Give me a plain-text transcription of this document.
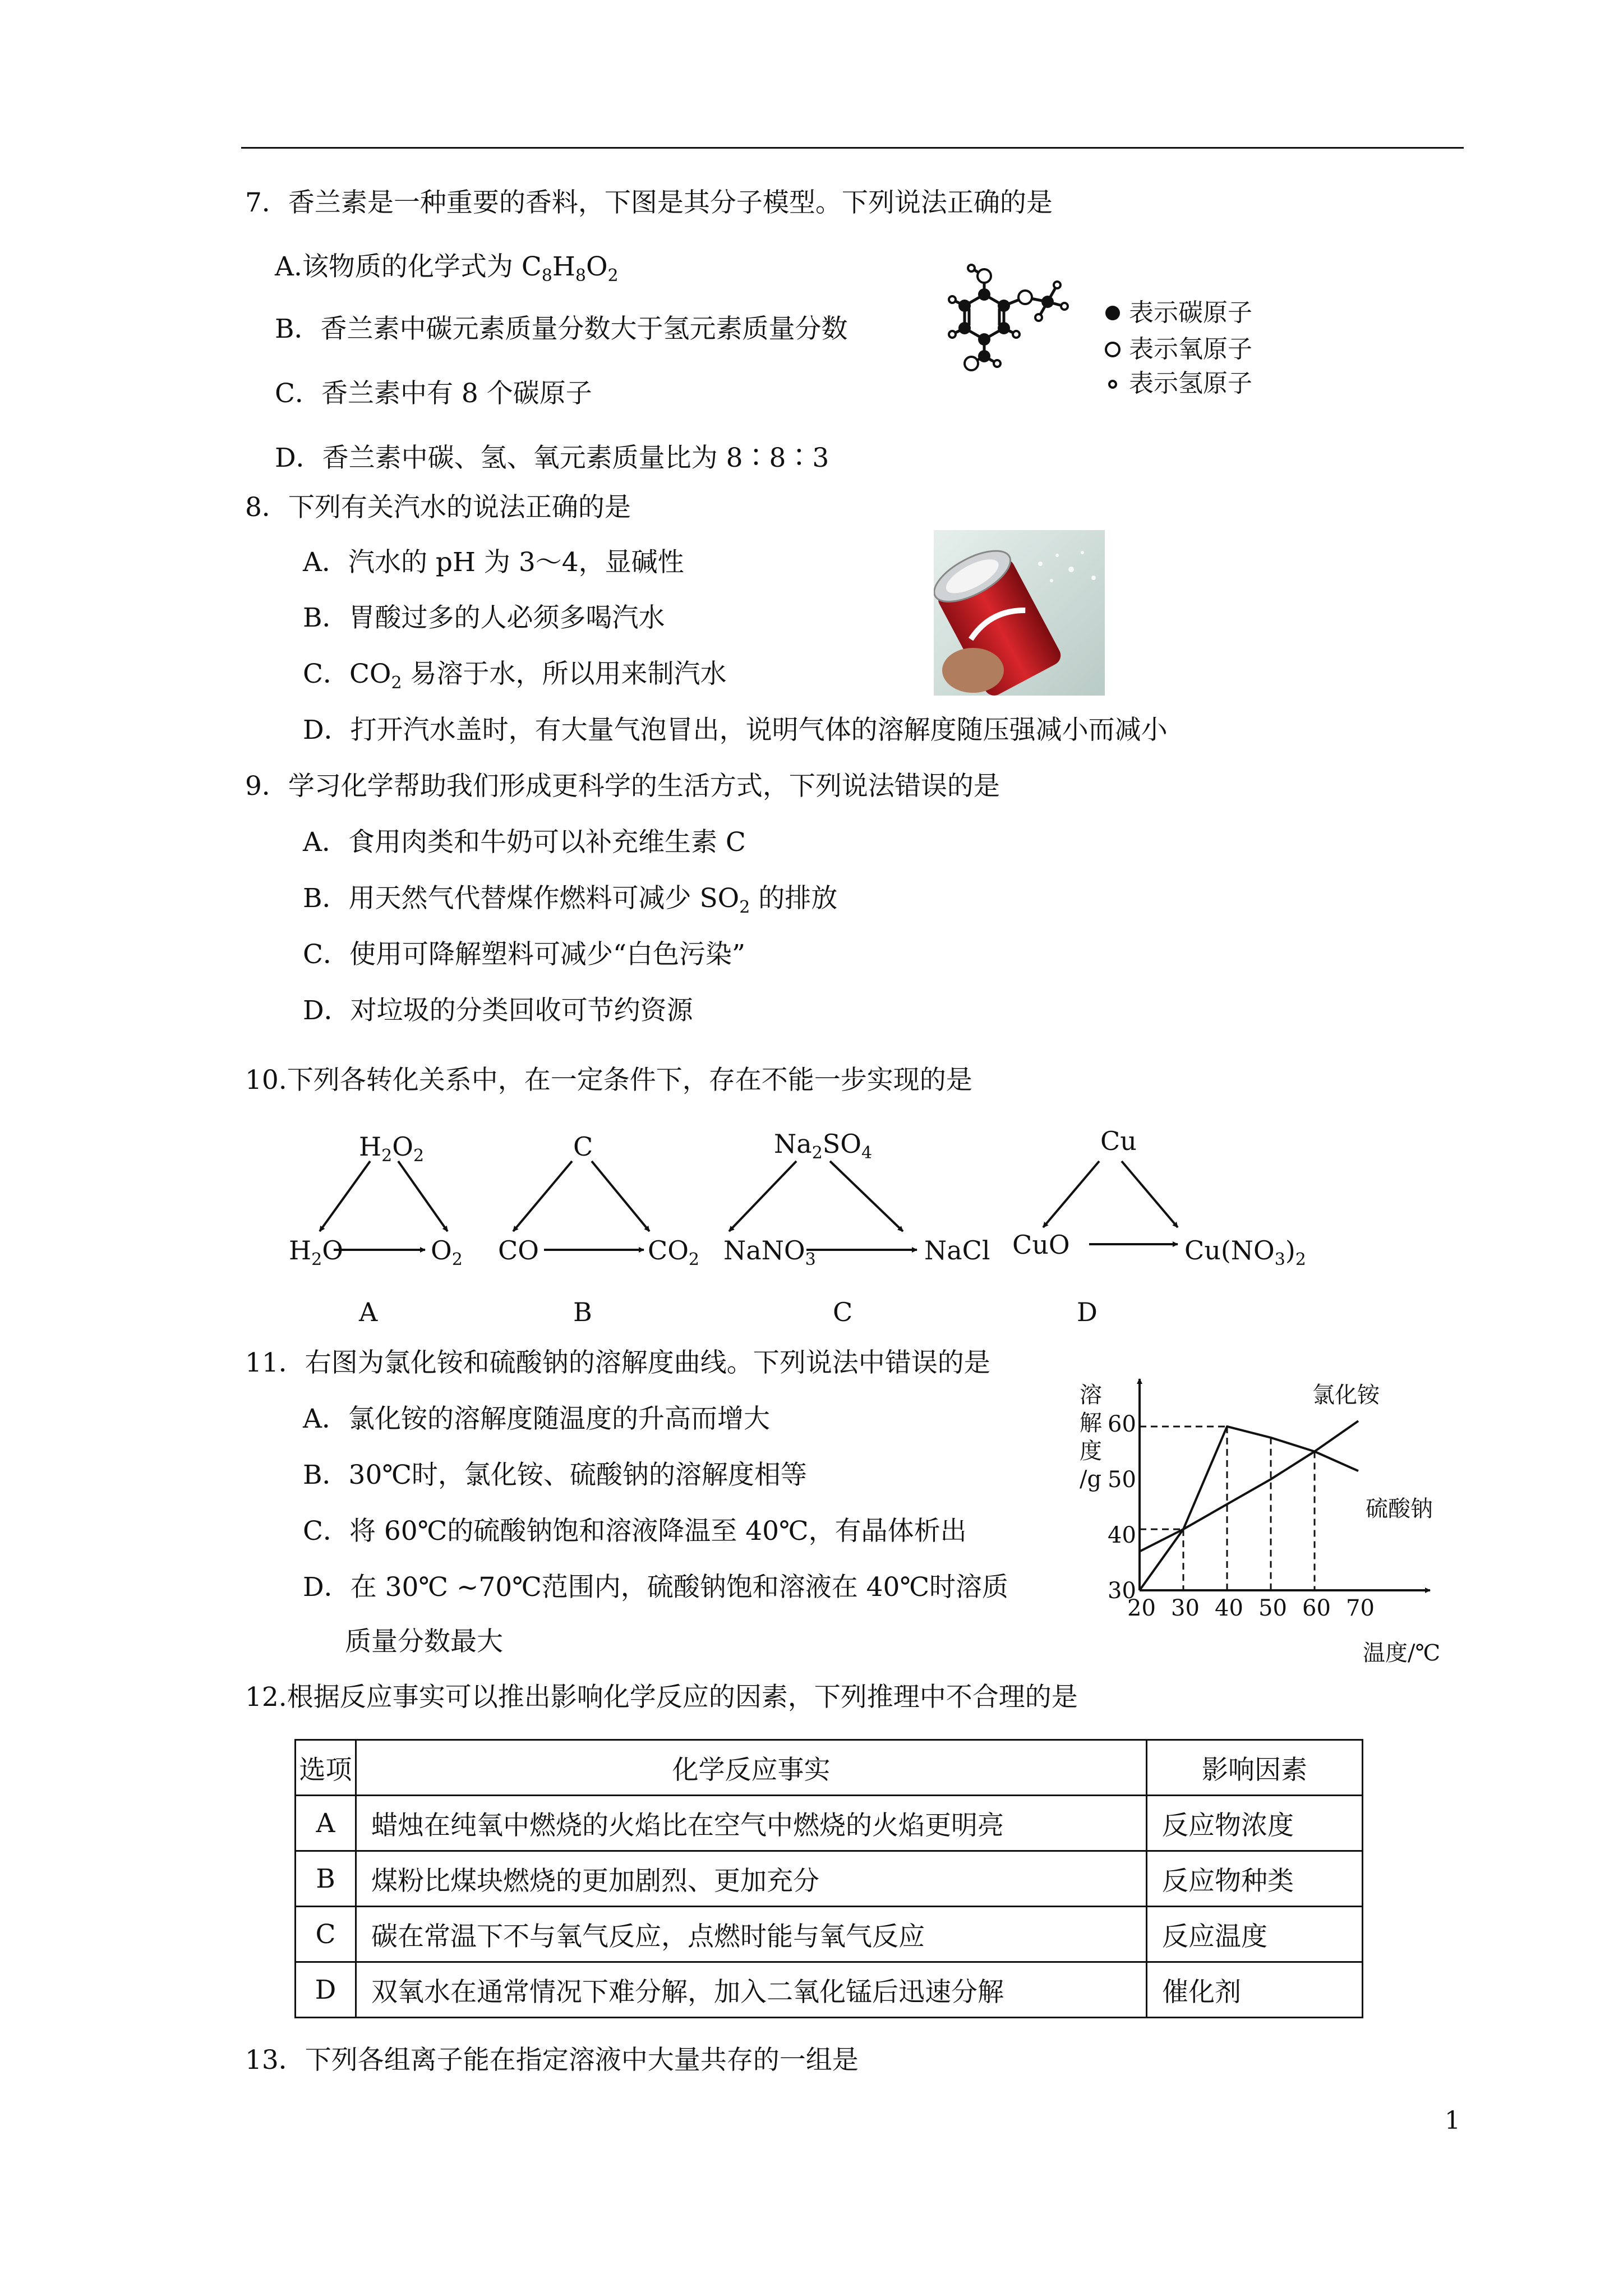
7．香兰素是一种重要的香料，下图是其分子模型。下列说法正确的是
A.该物质的化学式为 $C_8H_8O_2$
B．香兰素中碳元素质量分数大于氢元素质量分数
C．香兰素中有 8 个碳原子
D．香兰素中碳、氢、氧元素质量比为 8∶8∶3
表示碳原子
表示氧原子
表示氢原子
8．下列有关汽水的说法正确的是
A．汽水的 pH 为 3～4，显碱性
B．胃酸过多的人必须多喝汽水
C．$CO_2$ 易溶于水，所以用来制汽水
D．打开汽水盖时，有大量气泡冒出，说明气体的溶解度随压强减小而减小
9．学习化学帮助我们形成更科学的生活方式，下列说法错误的是
A．食用肉类和牛奶可以补充维生素 C
B．用天然气代替煤作燃料可减少 $SO_2$ 的排放
C．使用可降解塑料可减少“白色污染”
D．对垃圾的分类回收可节约资源
10.下列各转化关系中，在一定条件下，存在不能一步实现的是
$H_2O_2$
$H_2O$	$O_2$
A
C
CO	$CO_2$
B
$Na_2SO_4$
NaNO$_3$	NaCl
C
Cu
CuO	$Cu(NO_3)_2$
D
11．右图为氯化铵和硫酸钠的溶解度曲线。下列说法中错误的是
A．氯化铵的溶解度随温度的升高而增大
B．30℃时，氯化铵、硫酸钠的溶解度相等
C．将 60℃的硫酸钠饱和溶液降温至 40℃，有晶体析出
D．在 30℃ ~70℃范围内，硫酸钠饱和溶液在 40℃时溶质
质量分数最大
20 30 40 50 60 70
30
40
50
60
溶
解
度
/g
温度/℃
氯化铵
硫酸钠
12.根据反应事实可以推出影响化学反应的因素，下列推理中不合理的是
选项	化学反应事实	影响因素
A	蜡烛在纯氧中燃烧的火焰比在空气中燃烧的火焰更明亮	反应物浓度
B	煤粉比煤块燃烧的更加剧烈、更加充分	反应物种类
C	碳在常温下不与氧气反应，点燃时能与氧气反应	反应温度
D	双氧水在通常情况下难分解，加入二氧化锰后迅速分解	催化剂
13．下列各组离子能在指定溶液中大量共存的一组是
1
